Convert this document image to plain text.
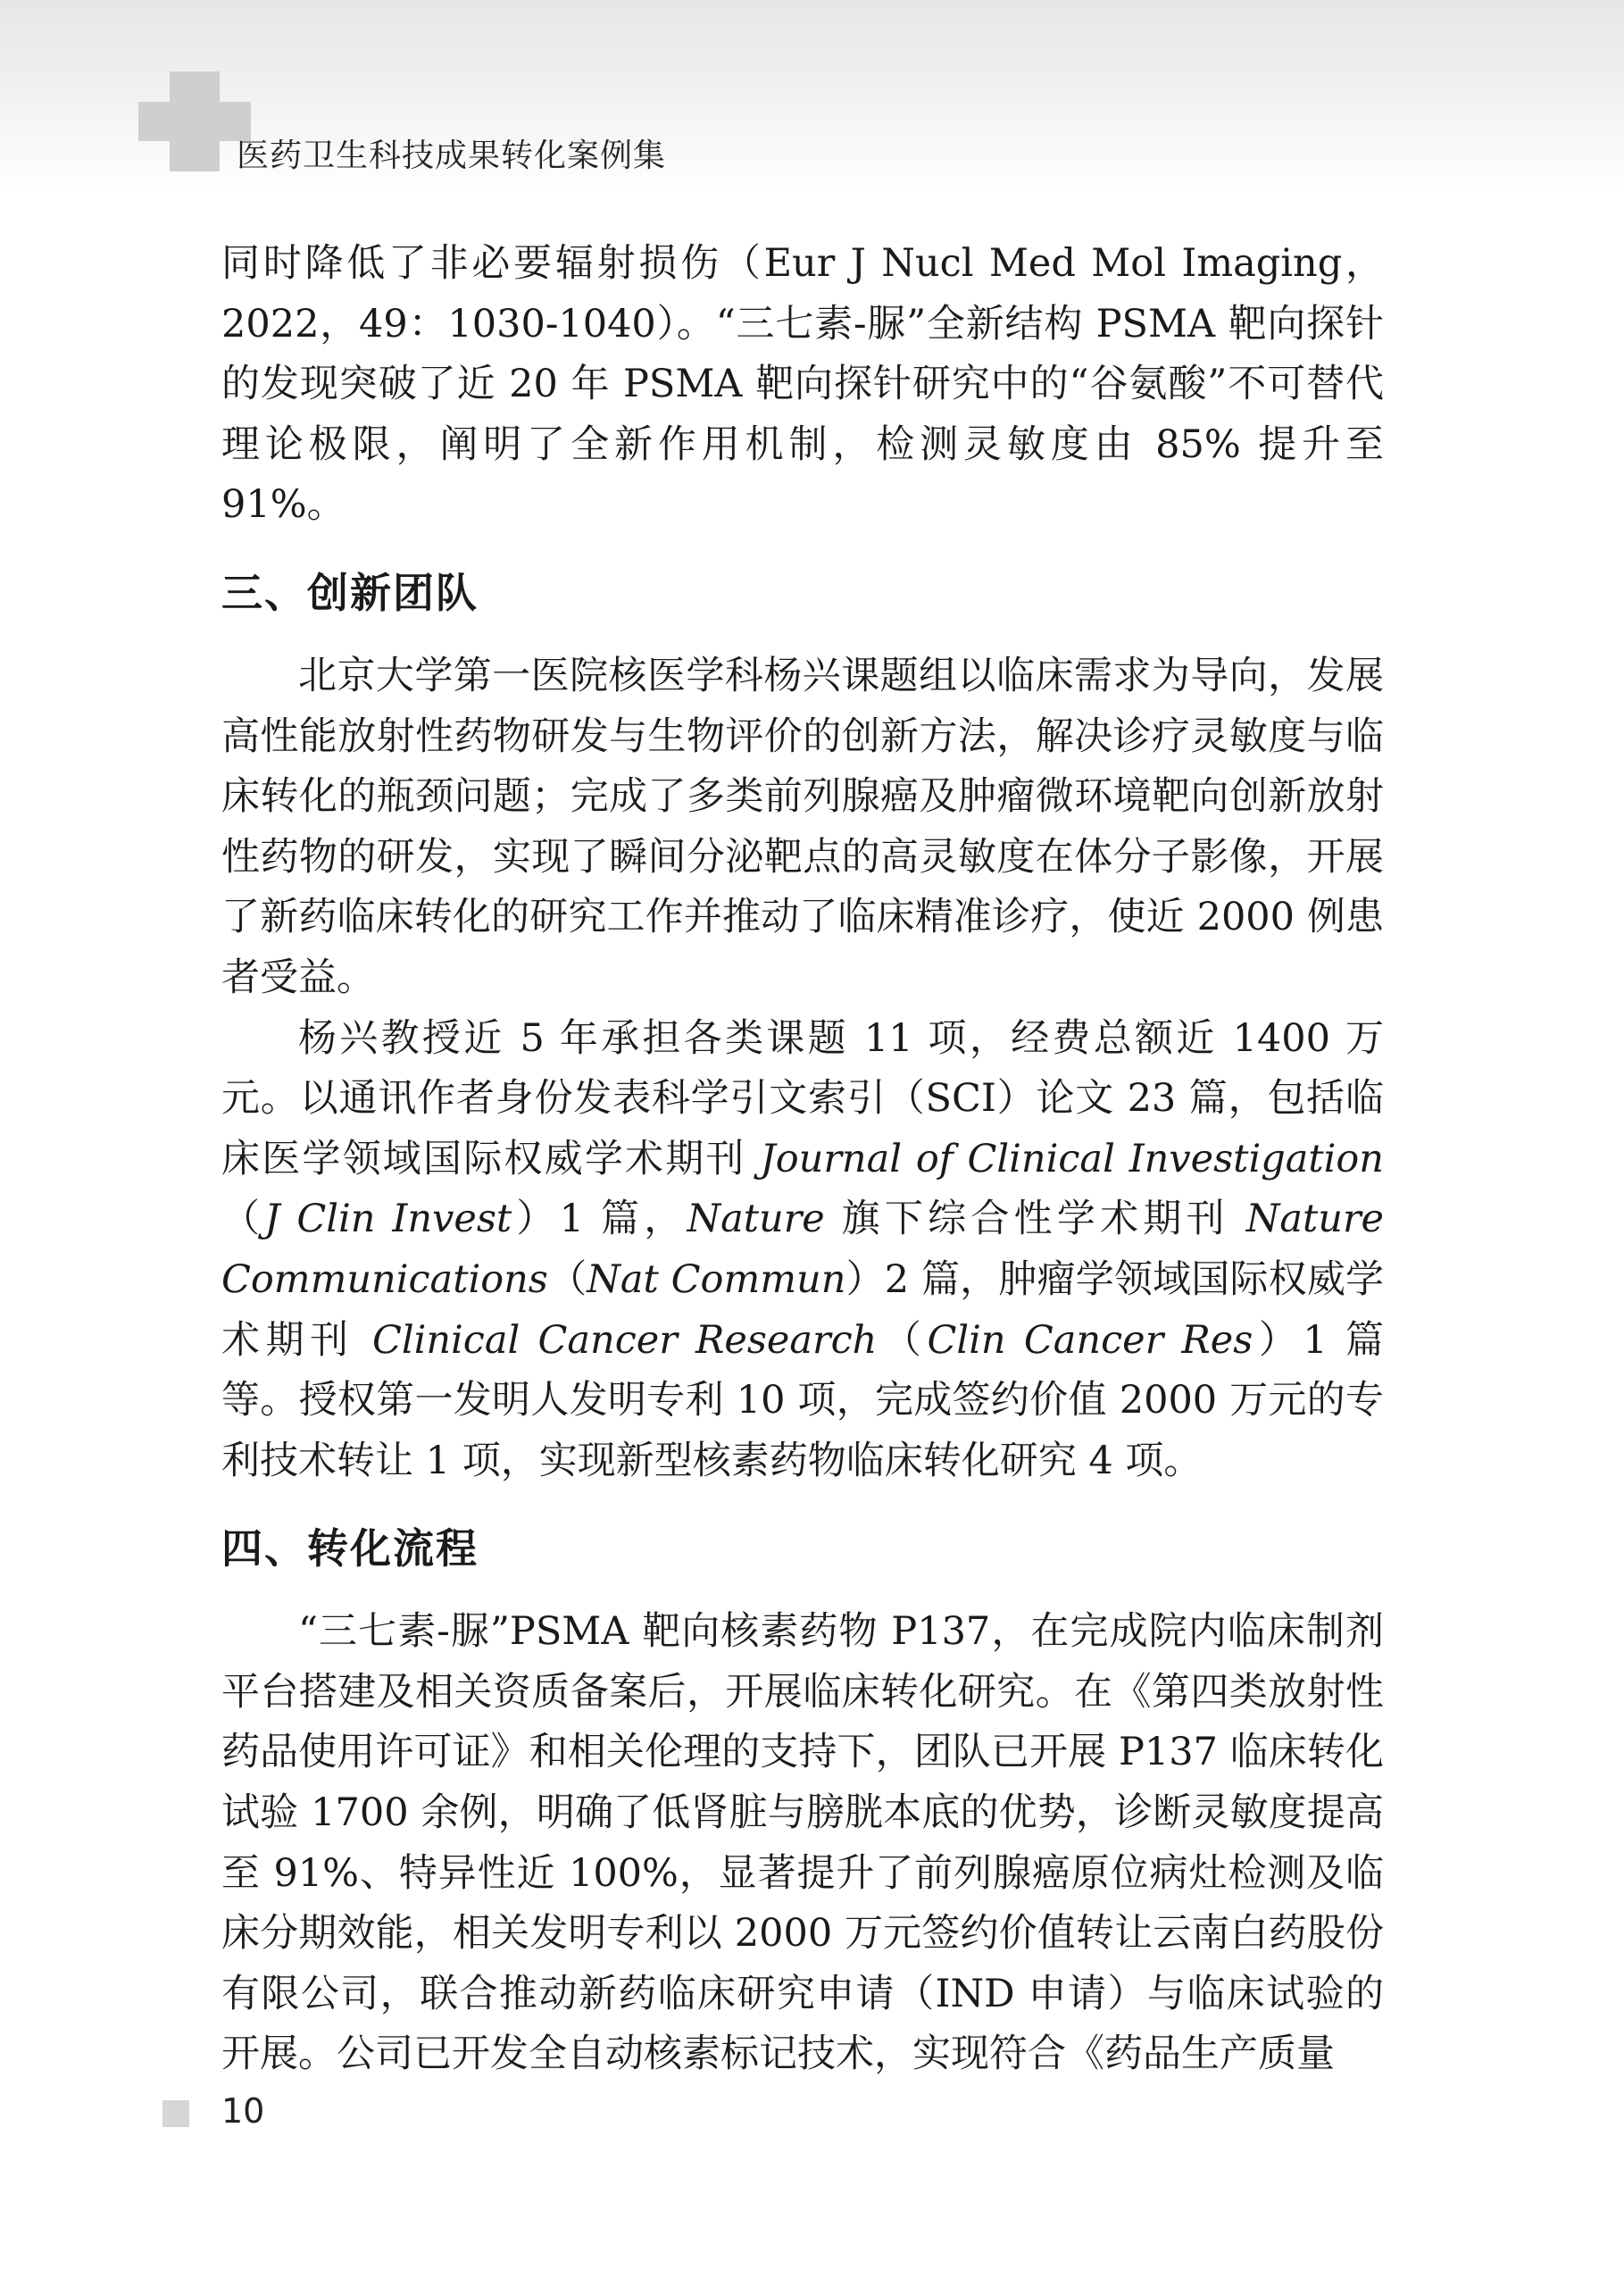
医药卫生科技成果转化案例集

同时降低了非必要辐射损伤（Eur J Nucl Med Mol Imaging，2022，49：1030-1040）。“三七素-脲”全新结构 PSMA 靶向探针的发现突破了近 20 年 PSMA 靶向探针研究中的“谷氨酸”不可替代理论极限，阐明了全新作用机制，检测灵敏度由 85% 提升至 91%。

三、创新团队

北京大学第一医院核医学科杨兴课题组以临床需求为导向，发展高性能放射性药物研发与生物评价的创新方法，解决诊疗灵敏度与临床转化的瓶颈问题；完成了多类前列腺癌及肿瘤微环境靶向创新放射性药物的研发，实现了瞬间分泌靶点的高灵敏度在体分子影像，开展了新药临床转化的研究工作并推动了临床精准诊疗，使近 2000 例患者受益。

杨兴教授近 5 年承担各类课题 11 项，经费总额近 1400 万元。以通讯作者身份发表科学引文索引（SCI）论文 23 篇，包括临床医学领域国际权威学术期刊 Journal of Clinical Investigation（J Clin Invest）1 篇，Nature 旗下综合性学术期刊 Nature Communications（Nat Commun）2 篇，肿瘤学领域国际权威学术期刊 Clinical Cancer Research（Clin Cancer Res）1 篇等。授权第一发明人发明专利 10 项，完成签约价值 2000 万元的专利技术转让 1 项，实现新型核素药物临床转化研究 4 项。

四、转化流程

“三七素-脲”PSMA 靶向核素药物 P137，在完成院内临床制剂平台搭建及相关资质备案后，开展临床转化研究。在《第四类放射性药品使用许可证》和相关伦理的支持下，团队已开展 P137 临床转化试验 1700 余例，明确了低肾脏与膀胱本底的优势，诊断灵敏度提高至 91%、特异性近 100%，显著提升了前列腺癌原位病灶检测及临床分期效能，相关发明专利以 2000 万元签约价值转让云南白药股份有限公司，联合推动新药临床研究申请（IND 申请）与临床试验的开展。公司已开发全自动核素标记技术，实现符合《药品生产质量

10
